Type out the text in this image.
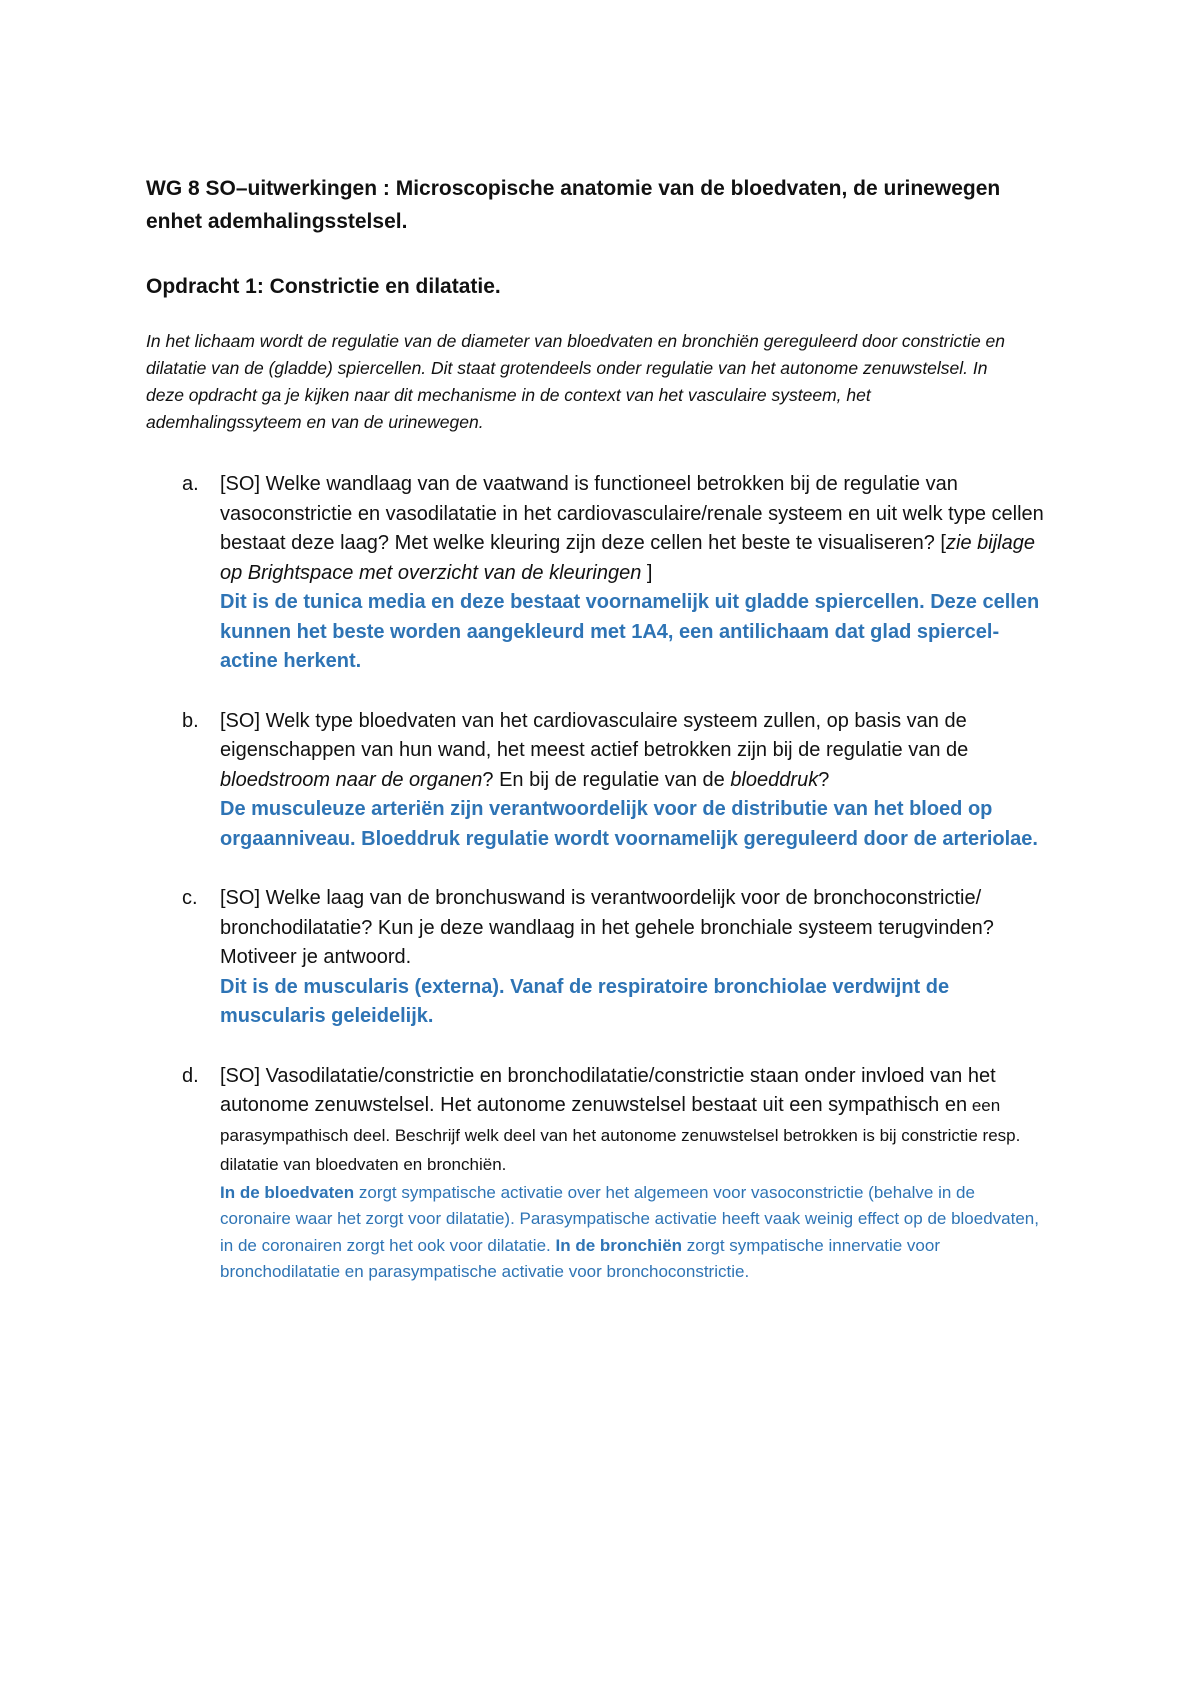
WG 8 SO–uitwerkingen : Microscopische anatomie van de bloedvaten, de urinewegen enhet ademhalingsstelsel.

Opdracht 1: Constrictie en dilatatie.

In het lichaam wordt de regulatie van de diameter van bloedvaten en bronchiën gereguleerd door constrictie en dilatatie van de (gladde) spiercellen. Dit staat grotendeels onder regulatie van het autonome zenuwstelsel. In deze opdracht ga je kijken naar dit mechanisme in de context van het vasculaire systeem, het ademhalingssyteem en van de urinewegen.

a.	[SO] Welke wandlaag van de vaatwand is functioneel betrokken bij de regulatie van vasoconstrictie en vasodilatatie in het cardiovasculaire/renale systeem en uit welk type cellen bestaat deze laag? Met welke kleuring zijn deze cellen het beste te visualiseren? [zie bijlage op Brightspace met overzicht van de kleuringen ]

Dit is de tunica media en deze bestaat voornamelijk uit gladde spiercellen. Deze cellen kunnen het beste worden aangekleurd met 1A4, een antilichaam dat glad spiercel- actine herkent.

b.	[SO] Welk type bloedvaten van het cardiovasculaire systeem zullen, op basis van de eigenschappen van hun wand, het meest actief betrokken zijn bij de regulatie van de bloedstroom naar de organen? En bij de regulatie van de bloeddruk?

De musculeuze arteriën zijn verantwoordelijk voor de distributie van het bloed op orgaanniveau. Bloeddruk regulatie wordt voornamelijk gereguleerd door de arteriolae.

c.	[SO] Welke laag van de bronchuswand is verantwoordelijk voor de bronchoconstrictie/ bronchodilatatie? Kun je deze wandlaag in het gehele bronchiale systeem terugvinden? Motiveer je antwoord.

Dit is de muscularis (externa). Vanaf de respiratoire bronchiolae verdwijnt de muscularis geleidelijk.

d.	[SO] Vasodilatatie/constrictie en bronchodilatatie/constrictie staan onder invloed van het autonome zenuwstelsel. Het autonome zenuwstelsel bestaat uit een sympathisch en een parasympathisch deel. Beschrijf welk deel van het autonome zenuwstelsel betrokken is bij constrictie resp. dilatatie van bloedvaten en bronchiën.

In de bloedvaten zorgt sympatische activatie over het algemeen voor vasoconstrictie (behalve in de coronaire waar het zorgt voor dilatatie). Parasympatische activatie heeft vaak weinig effect op de bloedvaten, in de coronairen zorgt het ook voor dilatatie. In de bronchiën zorgt sympatische innervatie voor bronchodilatatie en parasympatische activatie voor bronchoconstrictie.
